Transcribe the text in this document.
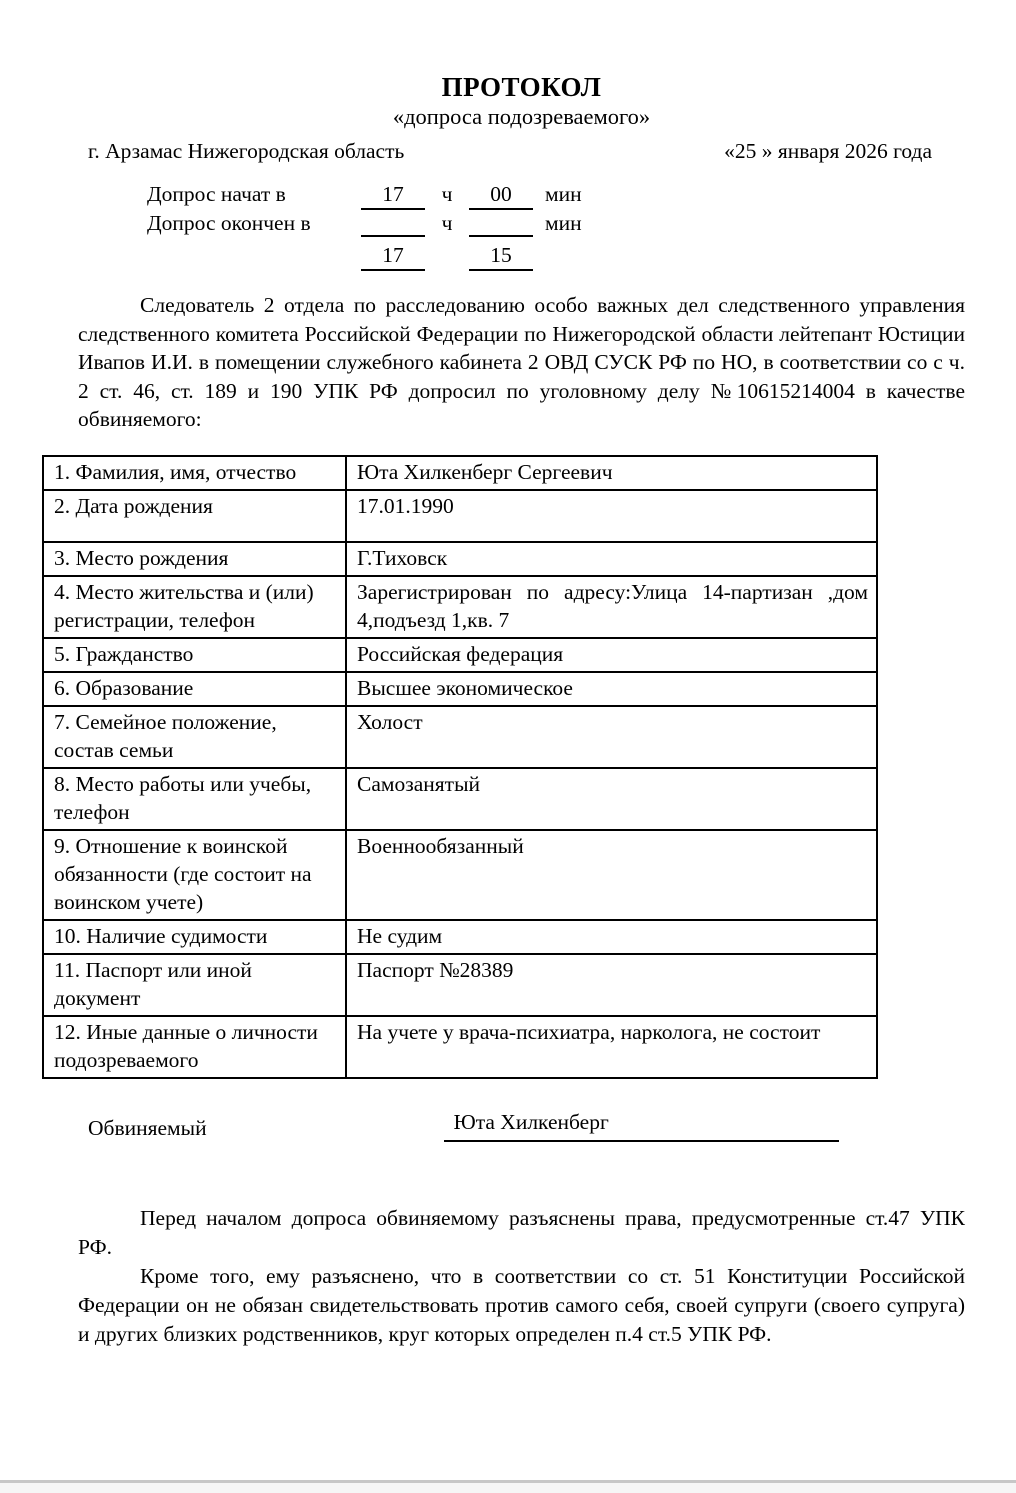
ПРОТОКОЛ
«допроса подозреваемого»
г. Арзамас Нижегородская область	«25 » января 2026 года
Допрос начат в	17	ч	00	мин
Допрос окончен в	ч	мин
17	15

Следователь 2 отдела по расследованию особо важных дел следственного управления следственного комитета Российской Федерации по Нижегородской области лейтепант Юстиции Ивапов И.И. в помещении служебного кабинета 2 ОВД СУСК РФ по НО, в соответствии со с ч. 2 ст. 46, ст. 189 и 190 УПК РФ допросил по уголовному делу №10615214004 в качестве обвиняемого:

1. Фамилия, имя, отчество	Юта Хилкенберг Сергеевич
2. Дата рождения	17.01.1990
3. Место рождения	Г.Тиховск
4. Место жительства и (или) регистрации, телефон	Зарегистрирован по адресу:Улица 14-партизан ,дом 4,подъезд 1,кв. 7
5. Гражданство	Российская федерация
6. Образование	Высшее экономическое
7. Семейное положение, состав семьи	Холост
8. Место работы или учебы, телефон	Самозанятый
9. Отношение к воинской обязанности (где состоит на воинском учете)	Военнообязанный
10. Наличие судимости	Не судим
11. Паспорт или иной документ	Паспорт №28389
12. Иные данные о личности подозреваемого	На учете у врача-психиатра, нарколога, не состоит
Обвиняемый	Юта Хилкенберг

Перед началом допроса обвиняемому разъяснены права, предусмотренные ст.47 УПК РФ.

Кроме того, ему разъяснено, что в соответствии со ст. 51 Конституции Российской Федерации он не обязан свидетельствовать против самого себя, своей супруги (своего супруга) и других близких родственников, круг которых определен п.4 ст.5 УПК РФ.
